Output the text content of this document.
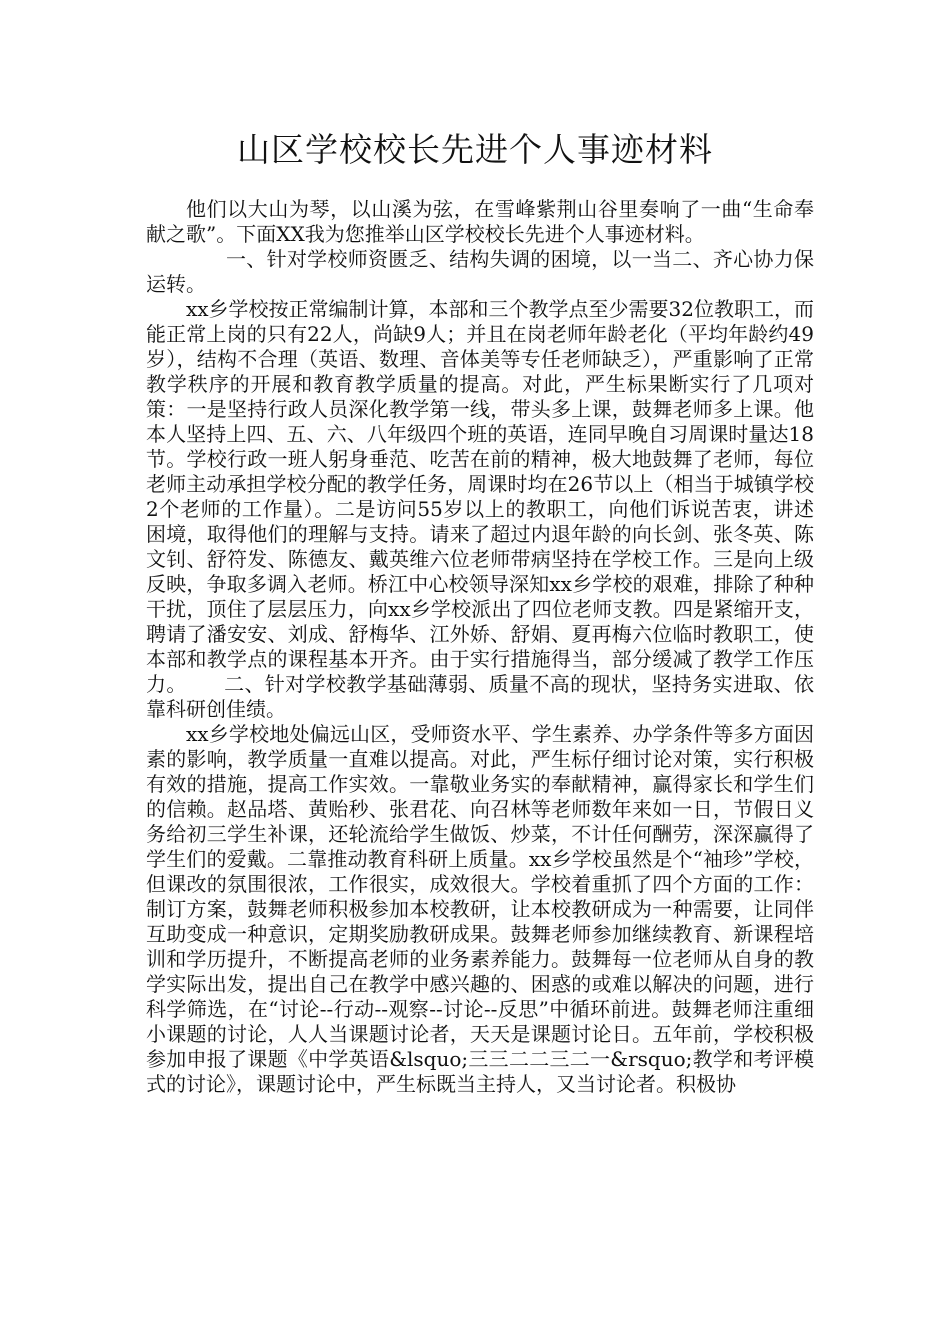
山区学校校长先进个人事迹材料

他们以大山为琴，以山溪为弦，在雪峰紫荆山谷里奏响了一曲“生命奉献之歌”。下面XX我为您推举山区学校校长先进个人事迹材料。

一、针对学校师资匮乏、结构失调的困境，以一当二、齐心协力保运转。

xx乡学校按正常编制计算，本部和三个教学点至少需要32位教职工，而能正常上岗的只有22人，尚缺9人；并且在岗老师年龄老化（平均年龄约49岁），结构不合理（英语、数理、音体美等专任老师缺乏），严重影响了正常教学秩序的开展和教育教学质量的提高。对此，严生标果断实行了几项对策：一是坚持行政人员深化教学第一线，带头多上课，鼓舞老师多上课。他本人坚持上四、五、六、八年级四个班的英语，连同早晚自习周课时量达18节。学校行政一班人躬身垂范、吃苦在前的精神，极大地鼓舞了老师，每位老师主动承担学校分配的教学任务，周课时均在26节以上（相当于城镇学校2个老师的工作量）。二是访问55岁以上的教职工，向他们诉说苦衷，讲述困境，取得他们的理解与支持。请来了超过内退年龄的向长剑、张冬英、陈文钊、舒符发、陈德友、戴英维六位老师带病坚持在学校工作。三是向上级反映，争取多调入老师。桥江中心校领导深知xx乡学校的艰难，排除了种种干扰，顶住了层层压力，向xx乡学校派出了四位老师支教。四是紧缩开支，聘请了潘安安、刘成、舒梅华、江外娇、舒娟、夏再梅六位临时教职工，使本部和教学点的课程基本开齐。由于实行措施得当，部分缓减了教学工作压力。　　 二、针对学校教学基础薄弱、质量不高的现状，坚持务实进取、依靠科研创佳绩。

xx乡学校地处偏远山区，受师资水平、学生素养、办学条件等多方面因素的影响，教学质量一直难以提高。对此，严生标仔细讨论对策，实行积极有效的措施，提高工作实效。一靠敬业务实的奉献精神，赢得家长和学生们的信赖。赵品塔、黄贻秒、张君花、向召林等老师数年来如一日，节假日义务给初三学生补课，还轮流给学生做饭、炒菜，不计任何酬劳，深深赢得了学生们的爱戴。二靠推动教育科研上质量。xx乡学校虽然是个“袖珍”学校，但课改的氛围很浓，工作很实，成效很大。学校着重抓了四个方面的工作：制订方案，鼓舞老师积极参加本校教研，让本校教研成为一种需要，让同伴互助变成一种意识，定期奖励教研成果。鼓舞老师参加继续教育、新课程培训和学历提升，不断提高老师的业务素养能力。鼓舞每一位老师从自身的教学实际出发，提出自己在教学中感兴趣的、困惑的或难以解决的问题，进行科学筛选，在“讨论--行动--观察--讨论--反思”中循环前进。鼓舞老师注重细小课题的讨论，人人当课题讨论者，天天是课题讨论日。五年前，学校积极参加申报了课题《中学英语&lsquo;三三二二三二一&rsquo;教学和考评模式的讨论》，课题讨论中，严生标既当主持人，又当讨论者。积极协
